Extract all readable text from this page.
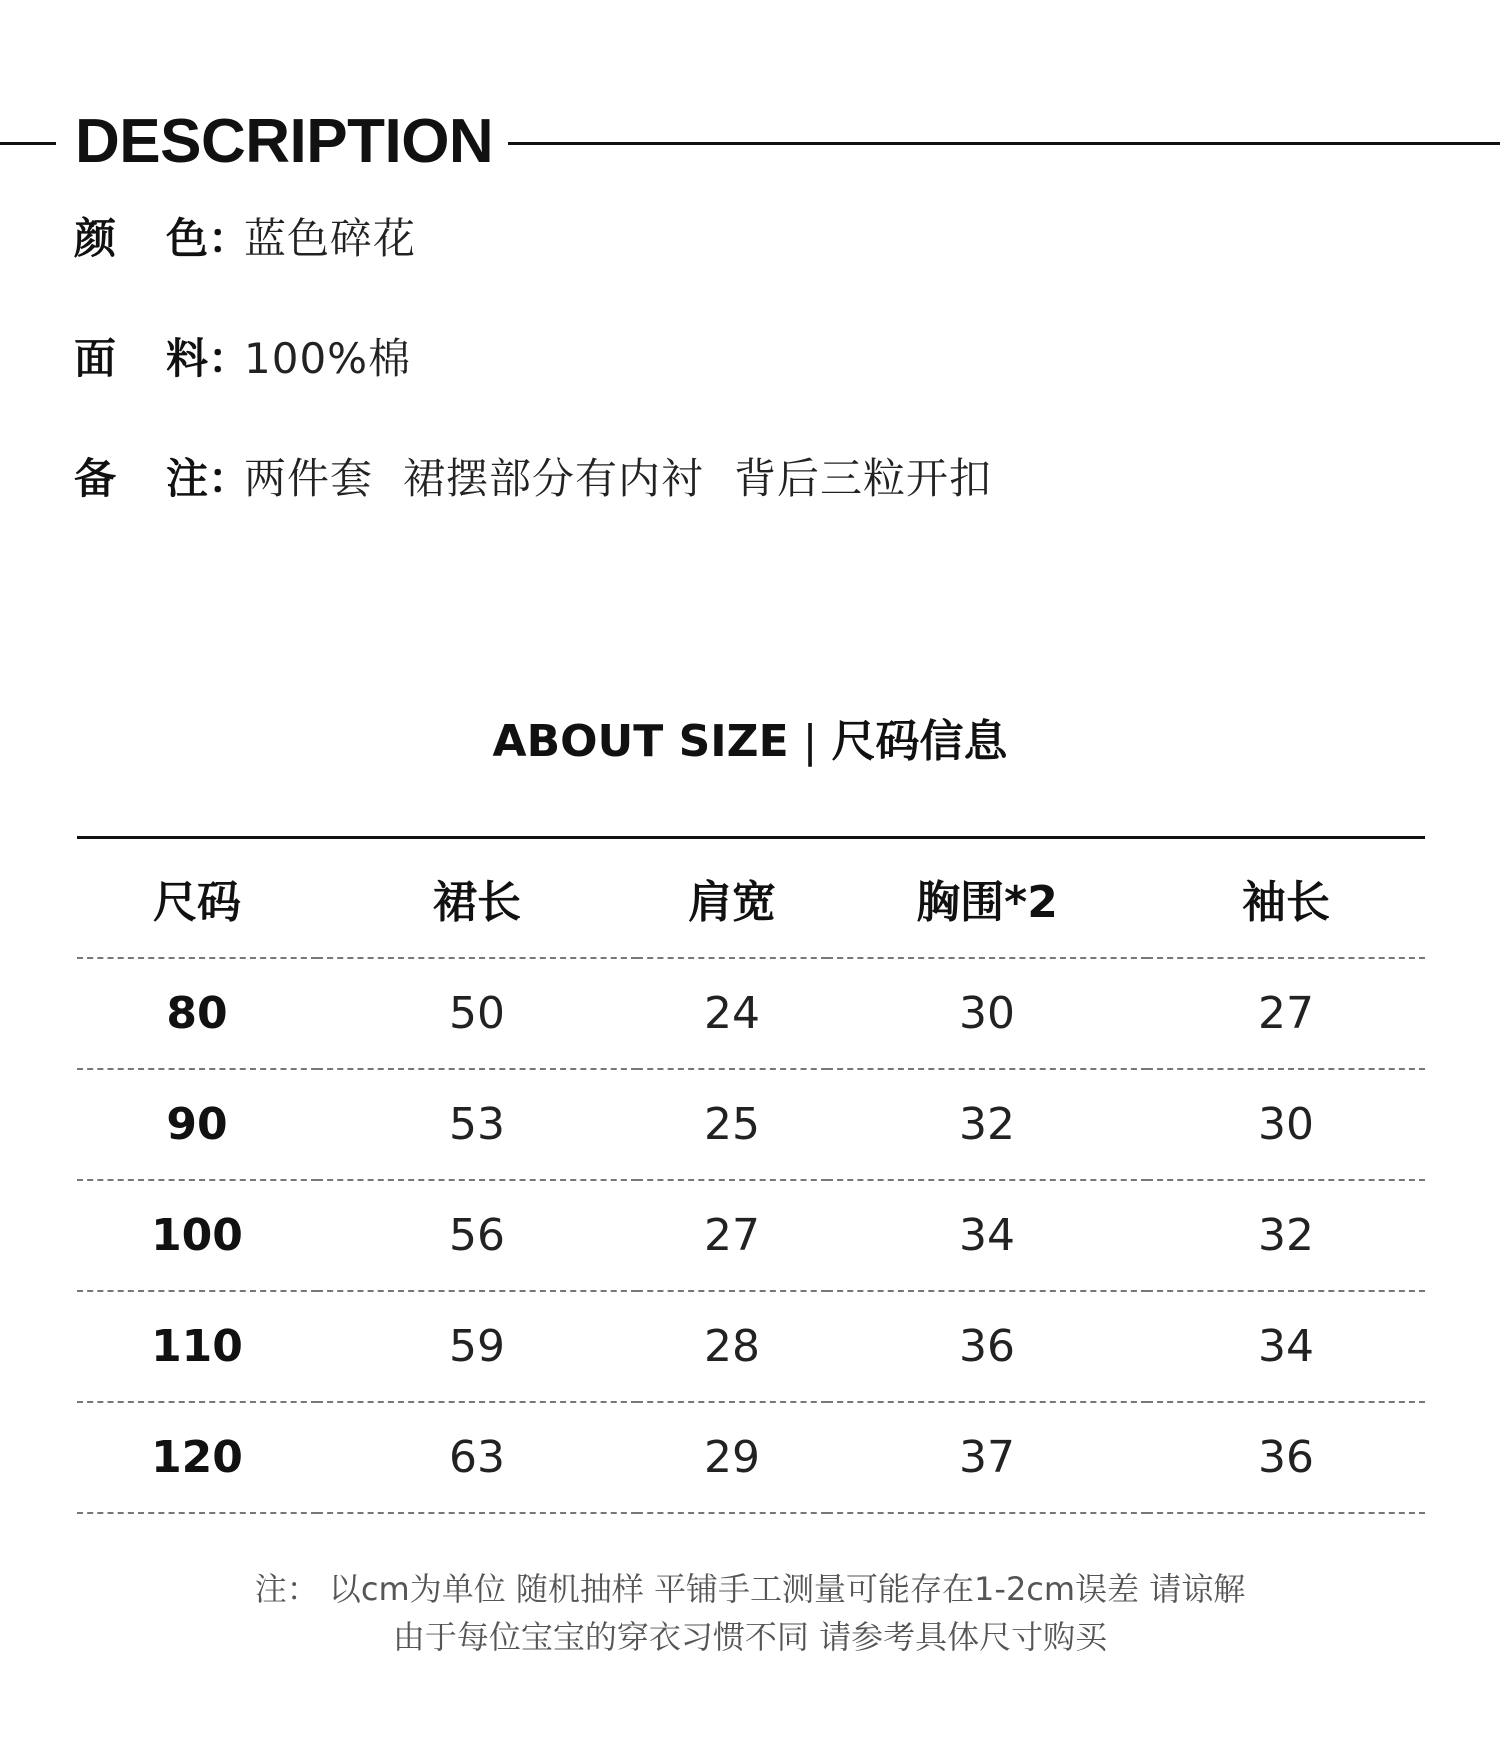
DESCRIPTION
颜	色 ：
蓝色碎花
面	料 ：
100%棉
备	注 ：
两件套 裙摆部分有内衬 背后三粒开扣
ABOUT SIZE | 尺码信息
尺码	裙长	肩宽	胸围*2	袖长
80	50	24	30	27
90	53	25	32	30
100	56	27	34	32
110	59	28	36	34
120	63	29	37	36
注： 以cm为单位 随机抽样 平铺手工测量可能存在1-2cm误差 请谅解
由于每位宝宝的穿衣习惯不同 请参考具体尺寸购买
